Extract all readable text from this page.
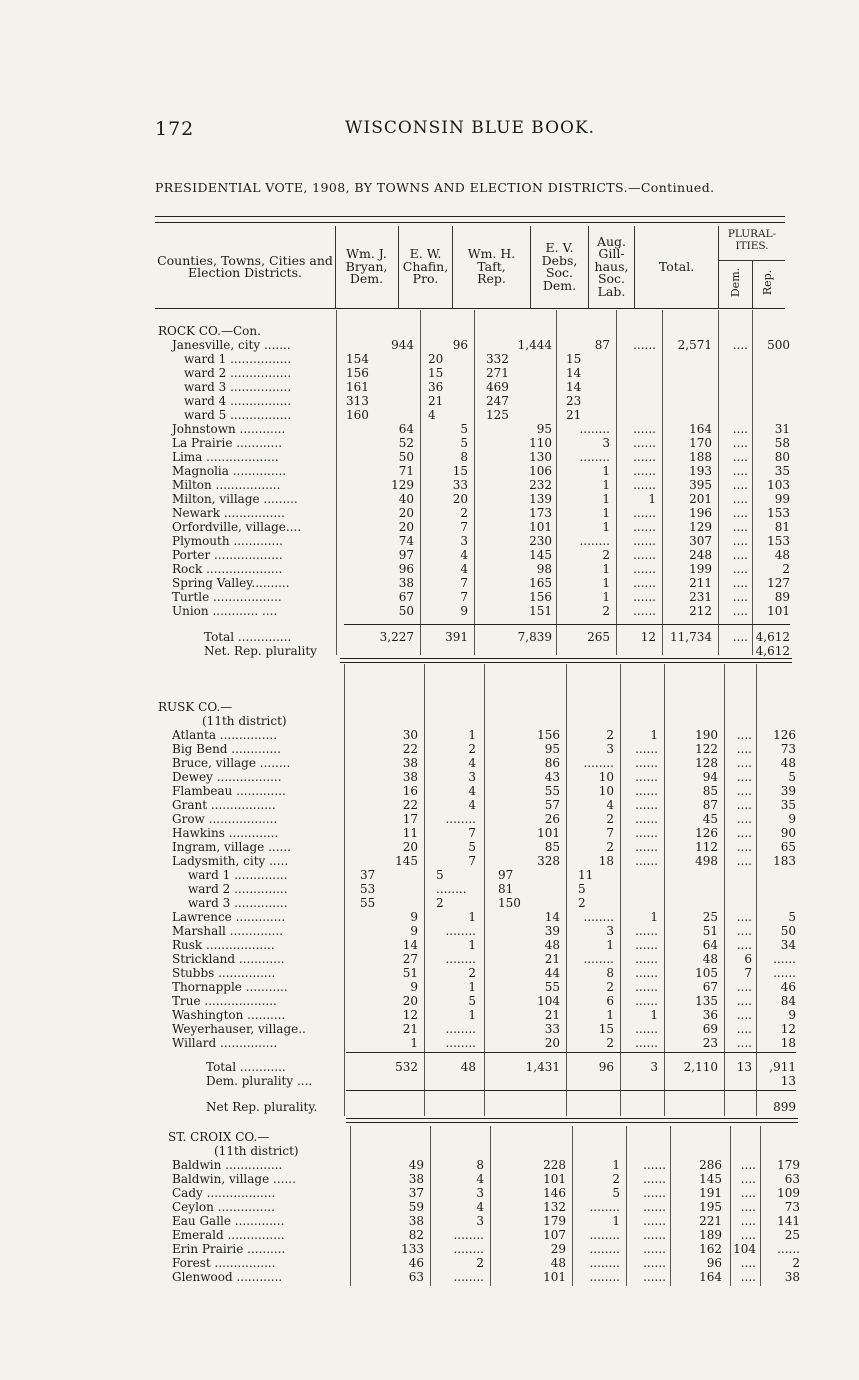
172	WISCONSIN BLUE BOOK.
PRESIDENTIAL VOTE, 1908, BY TOWNS AND ELECTION DISTRICTS.—Continued.
Counties, Towns, Cities and Election Districts.
Wm. J. Bryan, Dem.
E. W. Chafin, Pro.
Wm. H. Taft, Rep.
E. V. Debs, Soc. Dem.
Aug. Gill- haus, Soc. Lab.
Total.
PLURAL- ITIES.
Dem. Rep.
ROCK CO.—Con.
Janesville, city .......	944	96	1,444	87 ...... 2,571 .... 500
ward 1 ................	154	20	332	15
ward 2 ................	156	15	271	14
ward 3 ................	161	36	469	14
ward 4 ................	313	21	247	23
ward 5 ................	160	4	125	21
Johnstown ............	64	5	95 ........ ......	164 .... 31
La Prairie ............	52	5	110	3 ......	170 .... 58
Lima ...................	50	8	130 ........ ......	188 .... 80
Magnolia ..............	71	15	106	1 ......	193 .... 35
Milton .................	129	33	232	1 ......	395 .... 103
Milton, village .........	40	20	139	1	1	201 .... 99
Newark ................	20	2	173	1 ......	196 .... 153
Orfordville, village....	20	7	101	1 ......	129 .... 81
Plymouth .............	74	3	230 ........ ......	307 .... 153
Porter ..................	97	4	145	2 ......	248 .... 48
Rock ....................	96	4	98	1 ......	199 ....	2
Spring Valley..........	38	7	165	1 ......	211 .... 127
Turtle ..................	67	7	156	1 ......	231 .... 89
Union ............ ....	50	9	151	2 ......	212 .... 101
Total ..............	3,227	391	7,839	265	12 11,734 .... 4,612
Net. Rep. plurality	4,612
RUSK CO.—
(11th district)
Atlanta ...............	30	1	156	2	1	190 .... 126
Big Bend .............	22	2	95	3 ......	122 .... 73
Bruce, village ........	38	4	86 ........ ......	128 .... 48
Dewey .................	38	3	43	10 ......	94 ....	5
Flambeau .............	16	4	55	10 ......	85 .... 39
Grant .................	22	4	57	4 ......	87 .... 35
Grow ..................	17 ........	26	2 ......	45 ....	9
Hawkins .............	11	7	101	7 ......	126 .... 90
Ingram, village ......	20	5	85	2 ......	112 .... 65
Ladysmith, city .....	145	7	328	18 ......	498 .... 183
ward 1 ..............	37	5	97	11
ward 2 ..............	53	........	81	5
ward 3 ..............	55	2	150	2
Lawrence .............	9	1	14 ........	1	25 ....	5
Marshall ..............	9 ........	39	3 ......	51 .... 50
Rusk ..................	14	1	48	1 ......	64 .... 34
Strickland ............	27 ........	21 ........ ......	48 6 ......
Stubbs ...............	51	2	44	8 ......	105 7 ......
Thornapple ...........	9	1	55	2 ......	67 .... 46
True ...................	20	5	104	6 ......	135 .... 84
Washington ..........	12	1	21	1	1	36 ....	9
Weyerhauser, village..	21 ........	33	15 ......	69 .... 12
Willard ...............	1 ........	20	2 ......	23 .... 18
Total ............	532	48	1,431	96	3 2,110 13 ,911
Dem. plurality ....	13
Net Rep. plurality.	899
ST. CROIX CO.—
(11th district)
Baldwin ...............	49	8	228	1 ......	286 .... 179
Baldwin, village ......	38	4	101	2 ......	145 .... 63
Cady ..................	37	3	146	5 ......	191 .... 109
Ceylon ...............	59	4	132 ........ ......	195 .... 73
Eau Galle .............	38	3	179	1 ......	221 .... 141
Emerald ...............	82 ........	107 ........ ......	189 .... 25
Erin Prairie ..........	133 ........	29 ........ ......	162 104 ......
Forest ................	46	2	48 ........ ......	96 ....	2
Glenwood ............	63 ........	101 ........ ......	164 .... 38
